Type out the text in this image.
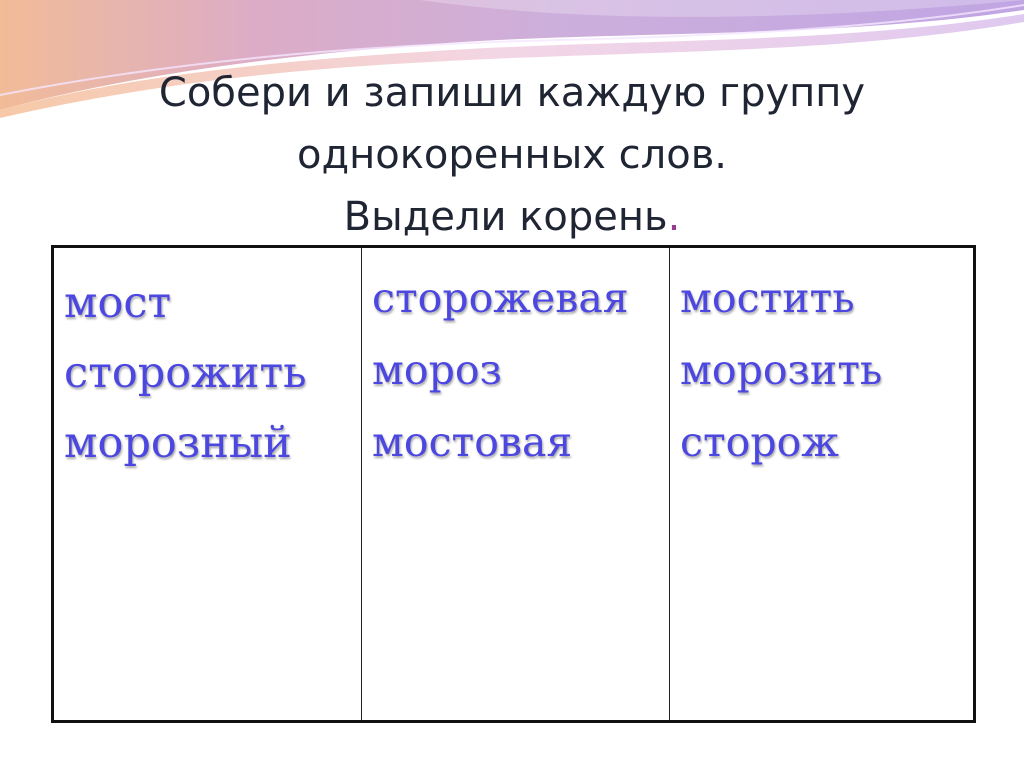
Собери и запиши каждую группу
однокоренных слов.
Выдели корень.
мост
сторожить
морозный
сторожевая
мороз
мостовая
мостить
морозить
сторож
